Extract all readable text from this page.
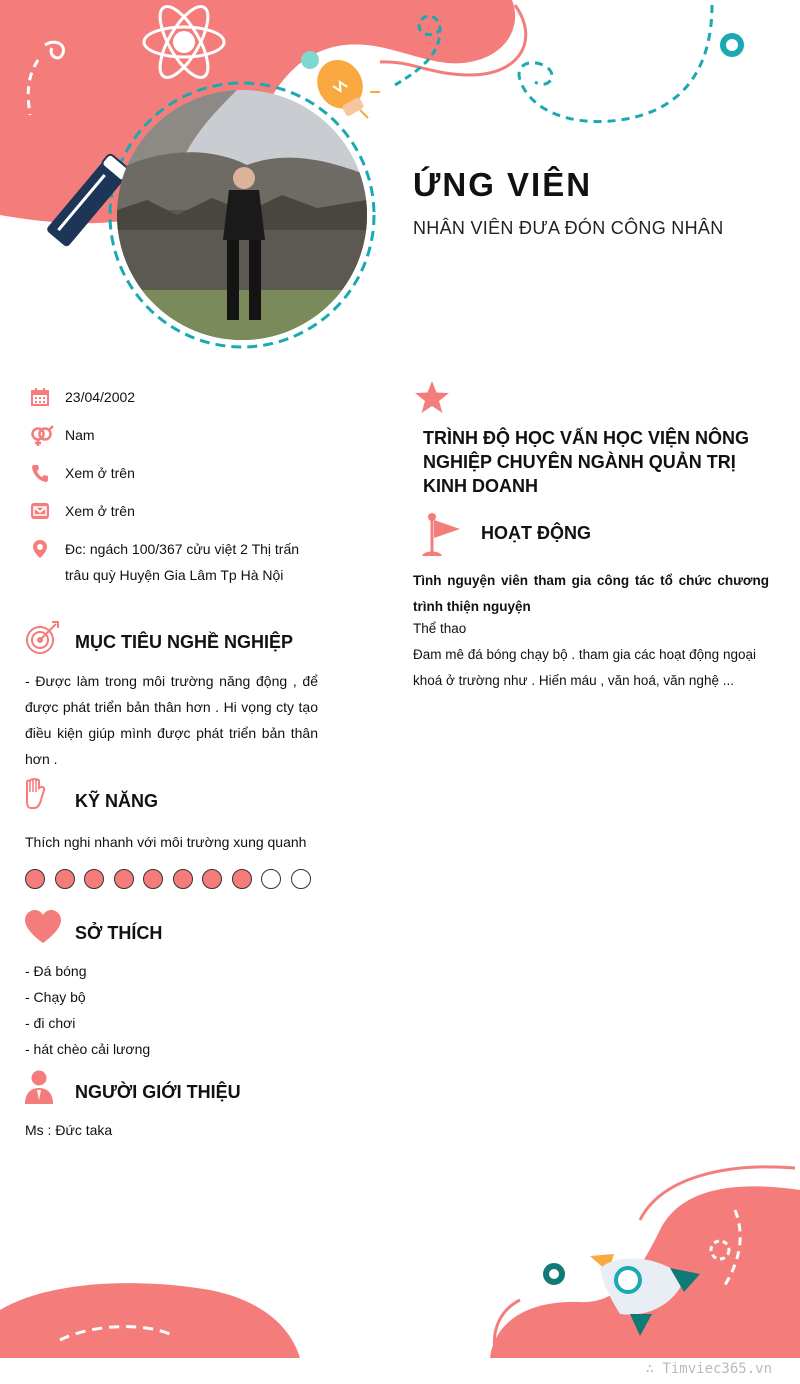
ỨNG VIÊN
NHÂN VIÊN ĐƯA ĐÓN CÔNG NHÂN
23/04/2002
Nam
Xem ở trên
Xem ở trên
Đc: ngách 100/367 cửu việt 2 Thị trấn
trâu quỳ Huyện Gia Lâm Tp Hà Nội
MỤC TIÊU NGHỀ NGHIỆP
- Được làm trong môi trường năng động , để được phát triển bản thân hơn . Hi vọng cty tạo điều kiện giúp mình được phát triển bản thân hơn .
KỸ NĂNG
Thích nghi nhanh với môi trường xung quanh
SỞ THÍCH
- Đá bóng
- Chạy bộ
- đi chơi
- hát chèo cải lương
NGƯỜI GIỚI THIỆU
Ms : Đức taka
TRÌNH ĐỘ HỌC VẤN HỌC VIỆN NÔNG NGHIỆP CHUYÊN NGÀNH QUẢN TRỊ KINH DOANH
HOẠT ĐỘNG
Tình nguyện viên tham gia công tác tổ chức chương trình thiện nguyện
Thể thao
Đam mê đá bóng chạy bộ . tham gia các hoạt động ngoại khoá ở trường như . Hiến máu , văn hoá, văn nghệ ...
∴ Timviec365.vn
